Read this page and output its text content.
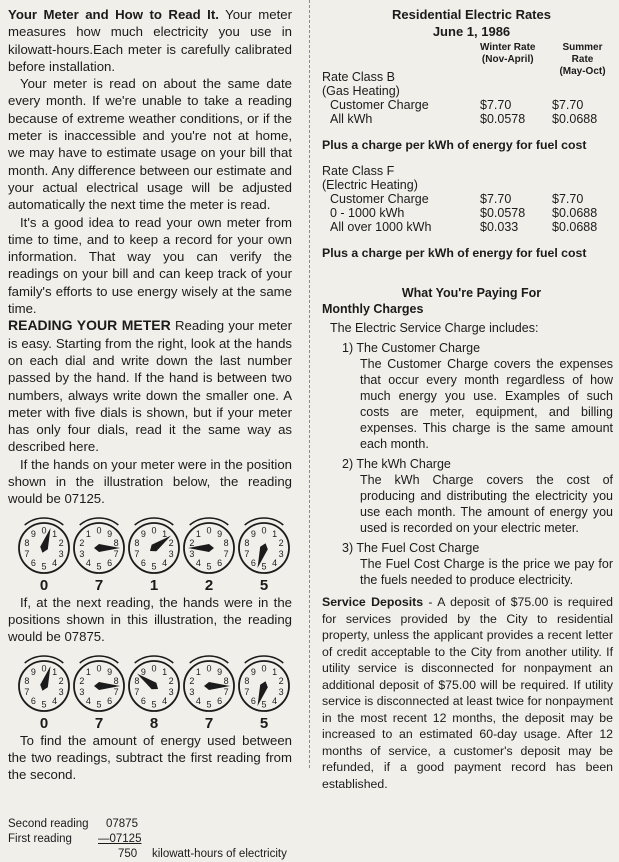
Your Meter and How to Read It. Your meter measures how much electricity you use in kilowatt-hours.Each meter is carefully calibrated before installation.

Your meter is read on about the same date every month. If we're unable to take a reading because of extreme weather conditions, or if the meter is inaccessible and you're not at home, we may have to estimate usage on your bill that month. Any difference between our estimate and your actual electrical usage will be adjusted automatically the next time the meter is read.

It's a good idea to read your own meter from time to time, and to keep a record for your own information. That way you can verify the readings on your bill and can keep track of your family's efforts to use energy wisely at the same time.

READING YOUR METER Reading your meter is easy. Starting from the right, look at the hands on each dial and write down the last number passed by the hand. If the hand is between two numbers, always write down the smaller one. A meter with five dials is shown, but if your meter has only four dials, read it the same way as described here.

If the hands on your meter were in the position shown in the illustration below, the reading would be 07125.

0 1
2
3
4
5
6
7
8
9
0
0
1
2
3
4 5 6
7
8
9
7
0 1
2
3
4
5
6
7
8
9
1
0
1
2
3
4 5 6
7
8
9
2
0 1
2
3
4
5
6
7
8
9
5

If, at the next reading, the hands were in the positions shown in this illustration, the reading would be 07875.

0 1
2
3
4
5
6
7
8
9
0
0
1
2
3
4 5 6
7
8
9
7
0 1
2
3
4
5
6
7
8
9
8
0
1
2
3
4 5 6
7
8
9
7
0 1
2
3
4
5
6
7
8
9
5

To find the amount of energy used between the two readings, subtract the first reading from the second.

Second reading 07875
First reading —07125
750 kilowatt-hours of electricity
Residential Electric Rates
June 1, 1986
Winter Rate
(Nov-April)
Summer Rate
(May-Oct)
Rate Class B
(Gas Heating)
Customer Charge	$7.70	$7.70
All kWh	$0.0578 $0.0688
Plus a charge per kWh of energy for fuel cost
Rate Class F
(Electric Heating)
Customer Charge	$7.70	$7.70
0 - 1000 kWh	$0.0578 $0.0688
All over 1000 kWh	$0.033	$0.0688
Plus a charge per kWh of energy for fuel cost
What You're Paying For
Monthly Charges
The Electric Service Charge includes:
1) The Customer Charge
The Customer Charge covers the expenses that occur every month regardless of how much energy you use. Examples of such costs are meter, equipment, and billing expenses. This charge is the same amount each month.
2) The kWh Charge
The kWh Charge covers the cost of producing and distributing the electricity you use each month. The amount of energy you used is recorded on your electric meter.
3) The Fuel Cost Charge
The Fuel Cost Charge is the price we pay for the fuels needed to produce electricity.
Service Deposits - A deposit of $75.00 is required for services provided by the City to residential property, unless the applicant provides a recent letter of credit acceptable to the City from another utility. If utility service is disconnected for nonpayment an additional deposit of $75.00 will be required. If utility service is disconnected at least twice for nonpayment in the most recent 12 months, the deposit may be increased to an estimated 60-day usage. After 12 months of service, a customer's deposit may be refunded, if a good payment record has been established.
